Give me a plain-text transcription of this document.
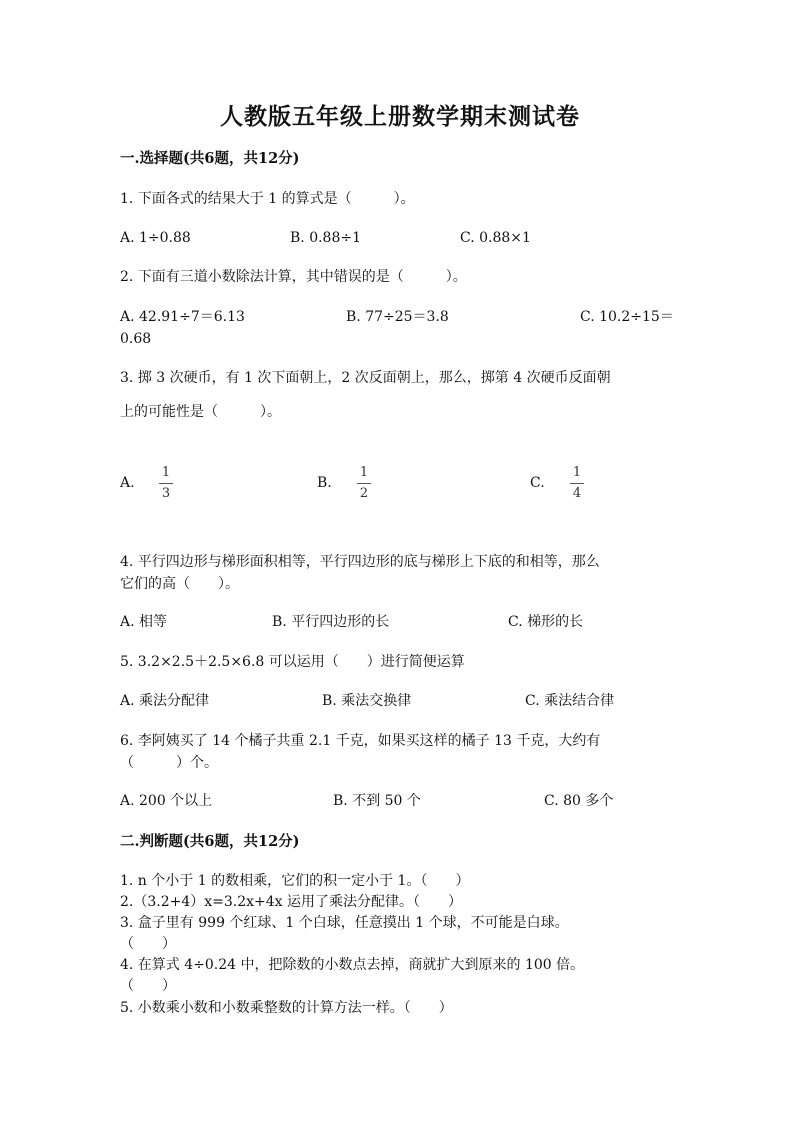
人教版五年级上册数学期末测试卷
一.选择题(共6题，共12分)
1. 下面各式的结果大于 1 的算式是（　　　）。
A. 1÷0.88	B. 0.88÷1	C. 0.88×1
2. 下面有三道小数除法计算，其中错误的是（　　　）。
A. 42.91÷7＝6.13	B. 77÷25＝3.8	C. 10.2÷15＝
0.68
3. 掷 3 次硬币，有 1 次下面朝上，2 次反面朝上，那么，掷第 4 次硬币反面朝
上的可能性是（　　　）。
A.
1
3
B.
1
2
C.
1
4
4. 平行四边形与梯形面积相等，平行四边形的底与梯形上下底的和相等，那么
它们的高（　　）。
A. 相等	B. 平行四边形的长	C. 梯形的长
5. 3.2×2.5＋2.5×6.8 可以运用（　　）进行简便运算
A. 乘法分配律	B. 乘法交换律	C. 乘法结合律
6. 李阿姨买了 14 个橘子共重 2.1 千克，如果买这样的橘子 13 千克，大约有
（　　　）个。
A. 200 个以上	B. 不到 50 个	C. 80 多个
二.判断题(共6题，共12分)
1. n 个小于 1 的数相乘，它们的积一定小于 1。（　　）
2.（3.2+4）x=3.2x+4x 运用了乘法分配律。（　　）
3. 盒子里有 999 个红球、1 个白球，任意摸出 1 个球，不可能是白球。
（　　）
4. 在算式 4÷0.24 中，把除数的小数点去掉，商就扩大到原来的 100 倍。
（　　）
5. 小数乘小数和小数乘整数的计算方法一样。（　　）
